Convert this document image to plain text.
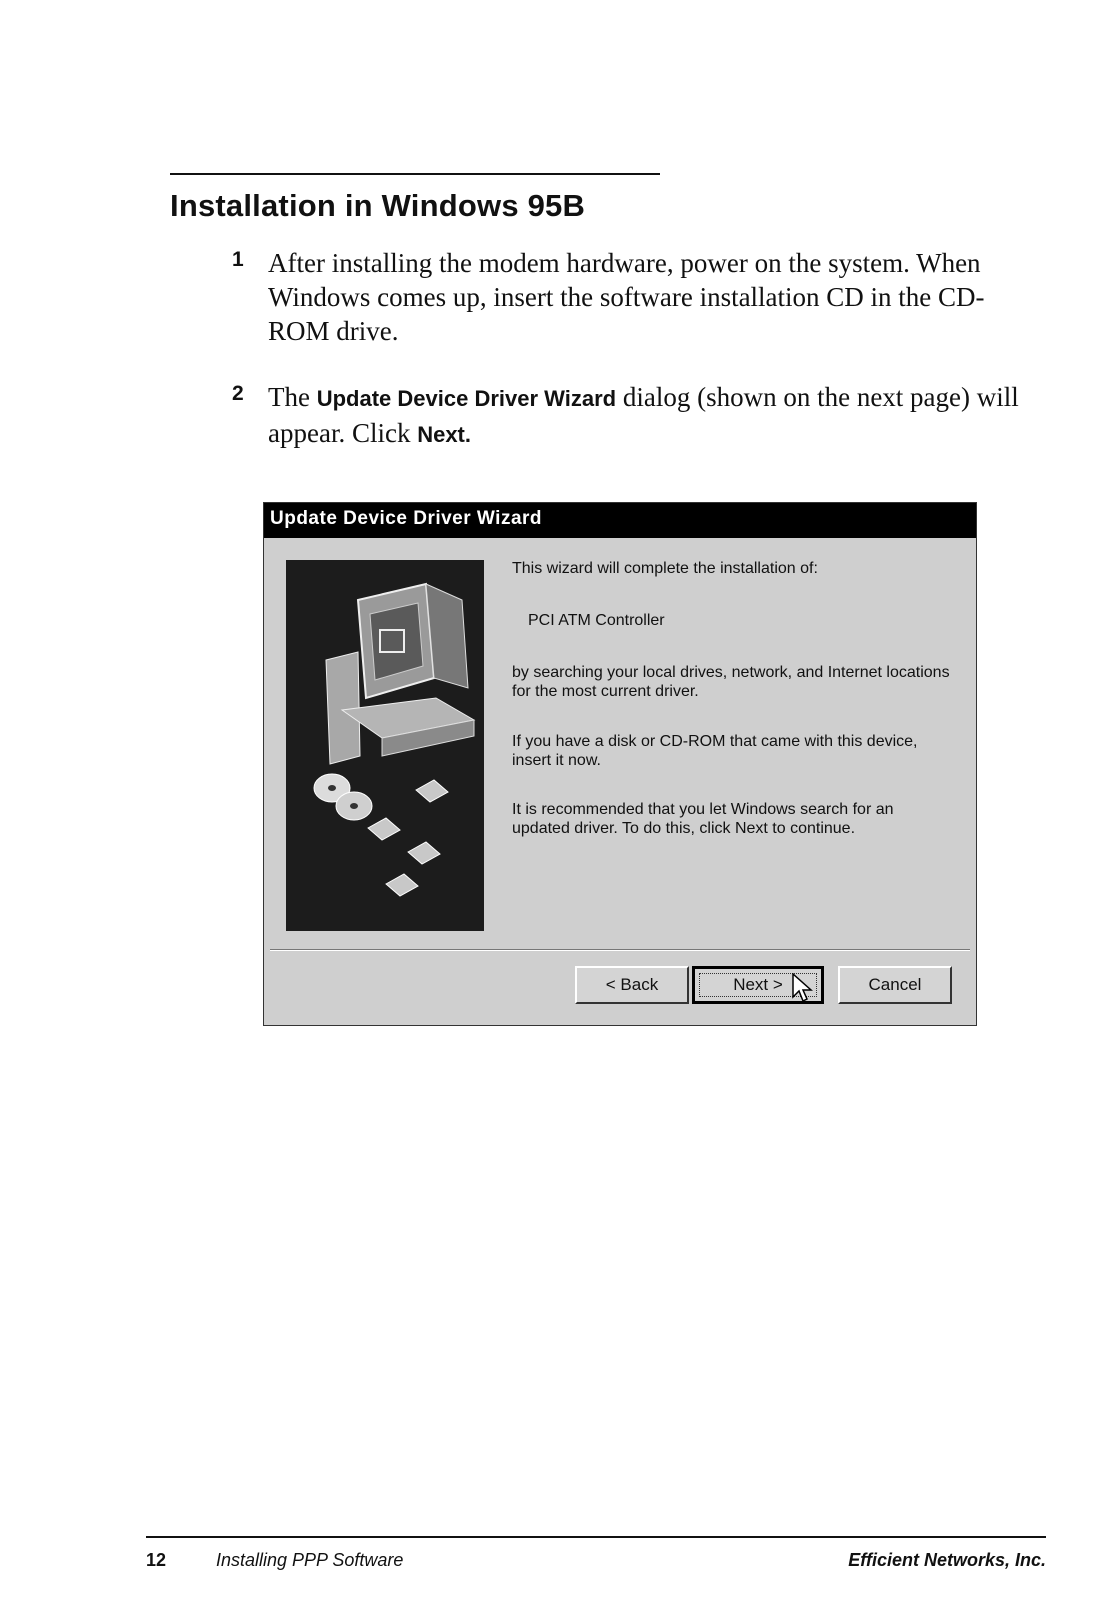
Installation in Windows 95B
1 After installing the modem hardware, power on the system. When Windows comes up, insert the software installation CD in the CD-ROM drive.
2 The Update Device Driver Wizard dialog (shown on the next page) will appear. Click Next.
Update Device Driver Wizard

This wizard will complete the installation of:

PCI ATM Controller

by searching your local drives, network, and Internet locations for the most current driver.

If you have a disk or CD-ROM that came with this device, insert it now.

It is recommended that you let Windows search for an updated driver. To do this, click Next to continue.

< Back	Next >	Cancel
12	Installing PPP Software	Efficient Networks, Inc.
